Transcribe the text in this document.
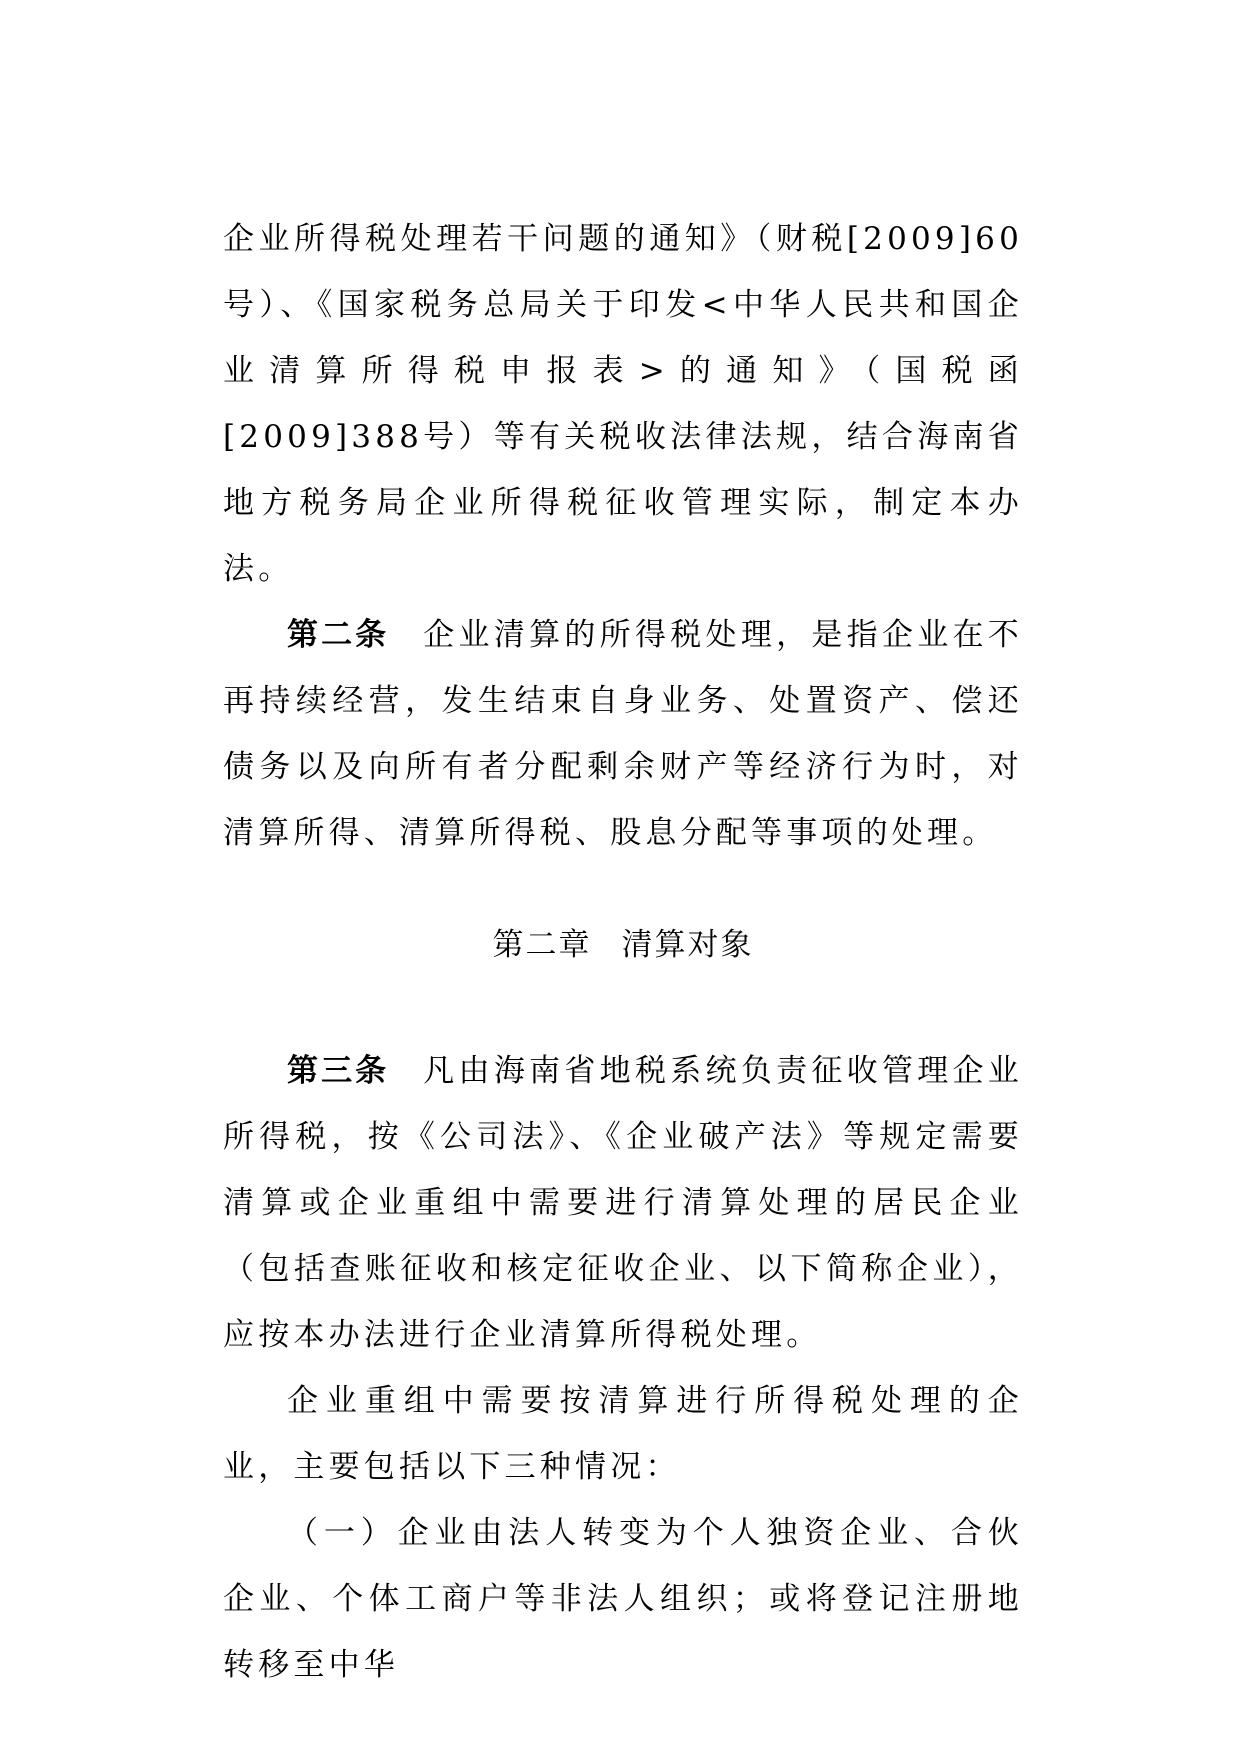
企业所得税处理若干问题的通知》（财税[2009]60号）、《国家税务总局关于印发<中华人民共和国企业清算所得税申报表>的通知》（国税函[2009]388号）等有关税收法律法规，结合海南省地方税务局企业所得税征收管理实际，制定本办法。

第二条 企业清算的所得税处理，是指企业在不再持续经营，发生结束自身业务、处置资产、偿还债务以及向所有者分配剩余财产等经济行为时，对清算所得、清算所得税、股息分配等事项的处理。

第二章 清算对象

第三条 凡由海南省地税系统负责征收管理企业所得税，按《公司法》、《企业破产法》等规定需要清算或企业重组中需要进行清算处理的居民企业（包括查账征收和核定征收企业、以下简称企业），应按本办法进行企业清算所得税处理。

企业重组中需要按清算进行所得税处理的企业，主要包括以下三种情况：

（一）企业由法人转变为个人独资企业、合伙企业、个体工商户等非法人组织；或将登记注册地转移至中华
